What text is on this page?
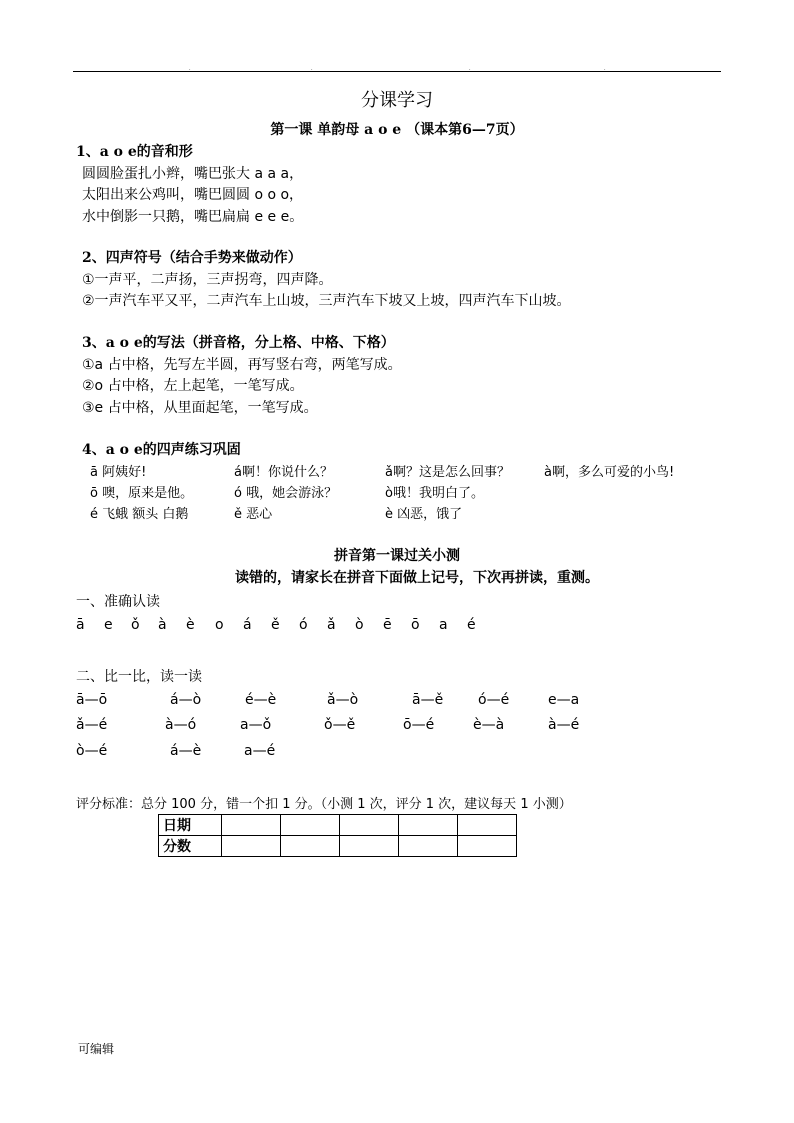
.	.	.	.
分课学习
第一课 单韵母 a o e （课本第6—7页）
1、a o e的音和形
圆圆脸蛋扎小辫，嘴巴张大 a a a，
太阳出来公鸡叫，嘴巴圆圆 o o o，
水中倒影一只鹅，嘴巴扁扁 e e e。
2、四声符号（结合手势来做动作）
①一声平，二声扬，三声拐弯，四声降。
②一声汽车平又平，二声汽车上山坡，三声汽车下坡又上坡，四声汽车下山坡。
3、a o e的写法（拼音格，分上格、中格、下格）
①a 占中格，先写左半圆，再写竖右弯，两笔写成。
②o 占中格，左上起笔，一笔写成。
③e 占中格，从里面起笔，一笔写成。
4、a o e的四声练习巩固
ā 阿姨好!	á啊！你说什么？	ǎ啊？这是怎么回事？	à啊，多么可爱的小鸟!
ō 噢，原来是他。	ó 哦，她会游泳？	ò哦！我明白了。
é 飞蛾 额头 白鹅	ě 恶心	è 凶恶，饿了
拼音第一课过关小测
读错的，请家长在拼音下面做上记号，下次再拼读，重测。
一、准确认读
ā e ǒ à è o á ě ó ǎ ò ē ō a é
二、比一比，读一读
ā—ō	á—ò	é—è	ǎ—ò	ā—ě ó—é	e—a
ǎ—é	à—ó	a—ǒ	ǒ—ě	ō—é	è—à	à—é
ò—é	á—è	a—é
评分标准：总分 100 分，错一个扣 1 分。（小测 1 次，评分 1 次，建议每天 1 小测）
日期					
分数					
可编辑
